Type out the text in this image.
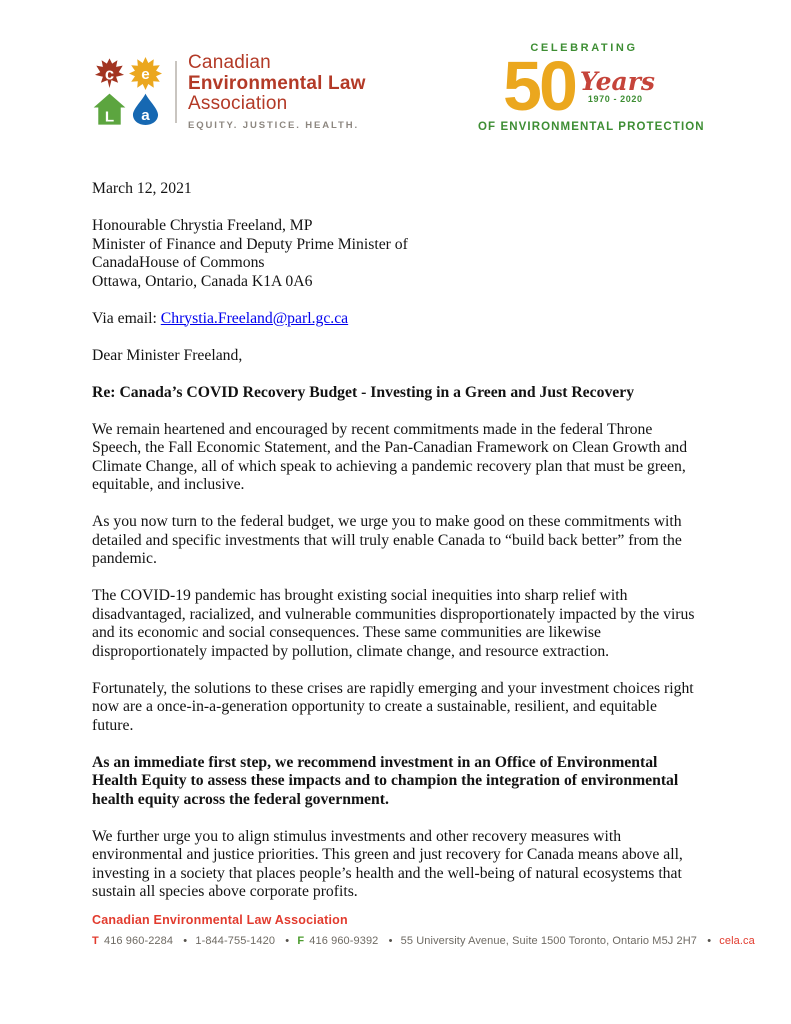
c e
L a
Canadian
Environmental Law
Association
EQUITY. JUSTICE. HEALTH.
CELEBRATING
50 Years
1970 - 2020
OF ENVIRONMENTAL PROTECTION

March 12, 2021

Honourable Chrystia Freeland, MP
Minister of Finance and Deputy Prime Minister of
CanadaHouse of Commons
Ottawa, Ontario, Canada K1A 0A6

Via email: Chrystia.Freeland@parl.gc.ca

Dear Minister Freeland,

Re: Canada’s COVID Recovery Budget - Investing in a Green and Just Recovery

We remain heartened and encouraged by recent commitments made in the federal Throne Speech, the Fall Economic Statement, and the Pan-Canadian Framework on Clean Growth and Climate Change, all of which speak to achieving a pandemic recovery plan that must be green, equitable, and inclusive.

As you now turn to the federal budget, we urge you to make good on these commitments with detailed and specific investments that will truly enable Canada to “build back better” from the pandemic.

The COVID-19 pandemic has brought existing social inequities into sharp relief with disadvantaged, racialized, and vulnerable communities disproportionately impacted by the virus and its economic and social consequences. These same communities are likewise disproportionately impacted by pollution, climate change, and resource extraction.

Fortunately, the solutions to these crises are rapidly emerging and your investment choices right now are a once-in-a-generation opportunity to create a sustainable, resilient, and equitable future.

As an immediate first step, we recommend investment in an Office of Environmental Health Equity to assess these impacts and to champion the integration of environmental health equity across the federal government.

We further urge you to align stimulus investments and other recovery measures with environmental and justice priorities. This green and just recovery for Canada means above all, investing in a society that places people’s health and the well-being of natural ecosystems that sustain all species above corporate profits.

Canadian Environmental Law Association
T 416 960-2284 • 1-844-755-1420 • F 416 960-9392 • 55 University Avenue, Suite 1500 Toronto, Ontario M5J 2H7 • cela.ca
